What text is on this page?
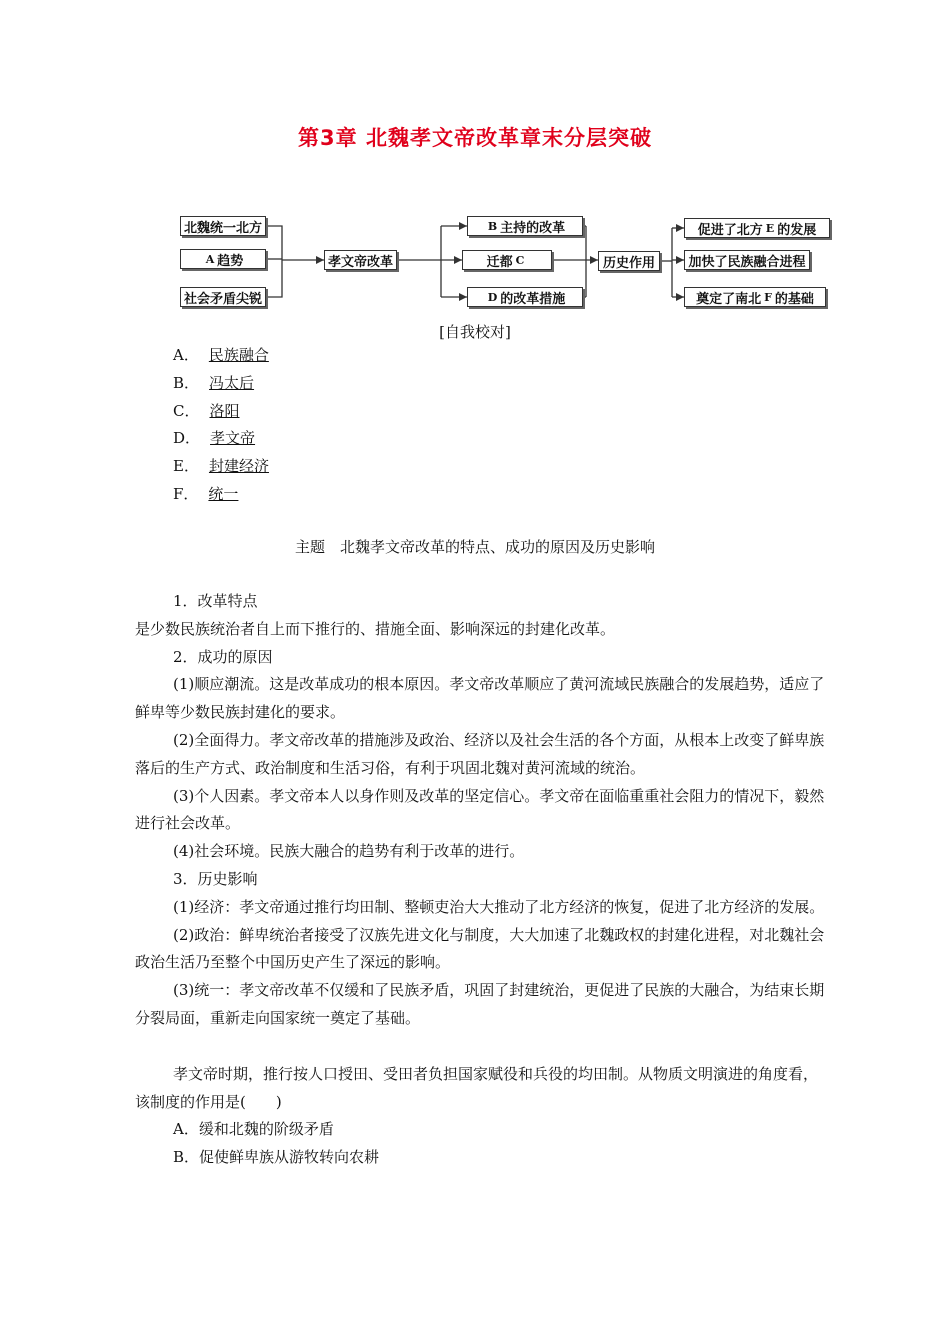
第3章 北魏孝文帝改革章末分层突破
北魏统一北方
A 趋势
社会矛盾尖锐
孝文帝改革
B 主持的改革
迁都 C
D 的改革措施
历史作用
促进了北方 E 的发展
加快了民族融合进程
奠定了南北 F 的基础
[自我校对]
A． 民族融合
B． 冯太后
C． 洛阳
D． 孝文帝
E． 封建经济
F． 统一
主题　北魏孝文帝改革的特点、成功的原因及历史影响

1．改革特点

是少数民族统治者自上而下推行的、措施全面、影响深远的封建化改革。

2．成功的原因

(1)顺应潮流。这是改革成功的根本原因。孝文帝改革顺应了黄河流域民族融合的发展趋势，适应了鲜卑等少数民族封建化的要求。

(2)全面得力。孝文帝改革的措施涉及政治、经济以及社会生活的各个方面，从根本上改变了鲜卑族落后的生产方式、政治制度和生活习俗，有利于巩固北魏对黄河流域的统治。

(3)个人因素。孝文帝本人以身作则及改革的坚定信心。孝文帝在面临重重社会阻力的情况下，毅然进行社会改革。

(4)社会环境。民族大融合的趋势有利于改革的进行。

3．历史影响

(1)经济：孝文帝通过推行均田制、整顿吏治大大推动了北方经济的恢复，促进了北方经济的发展。

(2)政治：鲜卑统治者接受了汉族先进文化与制度，大大加速了北魏政权的封建化进程，对北魏社会政治生活乃至整个中国历史产生了深远的影响。

(3)统一：孝文帝改革不仅缓和了民族矛盾，巩固了封建统治，更促进了民族的大融合，为结束长期分裂局面，重新走向国家统一奠定了基础。

孝文帝时期，推行按人口授田、受田者负担国家赋役和兵役的均田制。从物质文明演进的角度看，该制度的作用是(　　)

A．缓和北魏的阶级矛盾

B．促使鲜卑族从游牧转向农耕
